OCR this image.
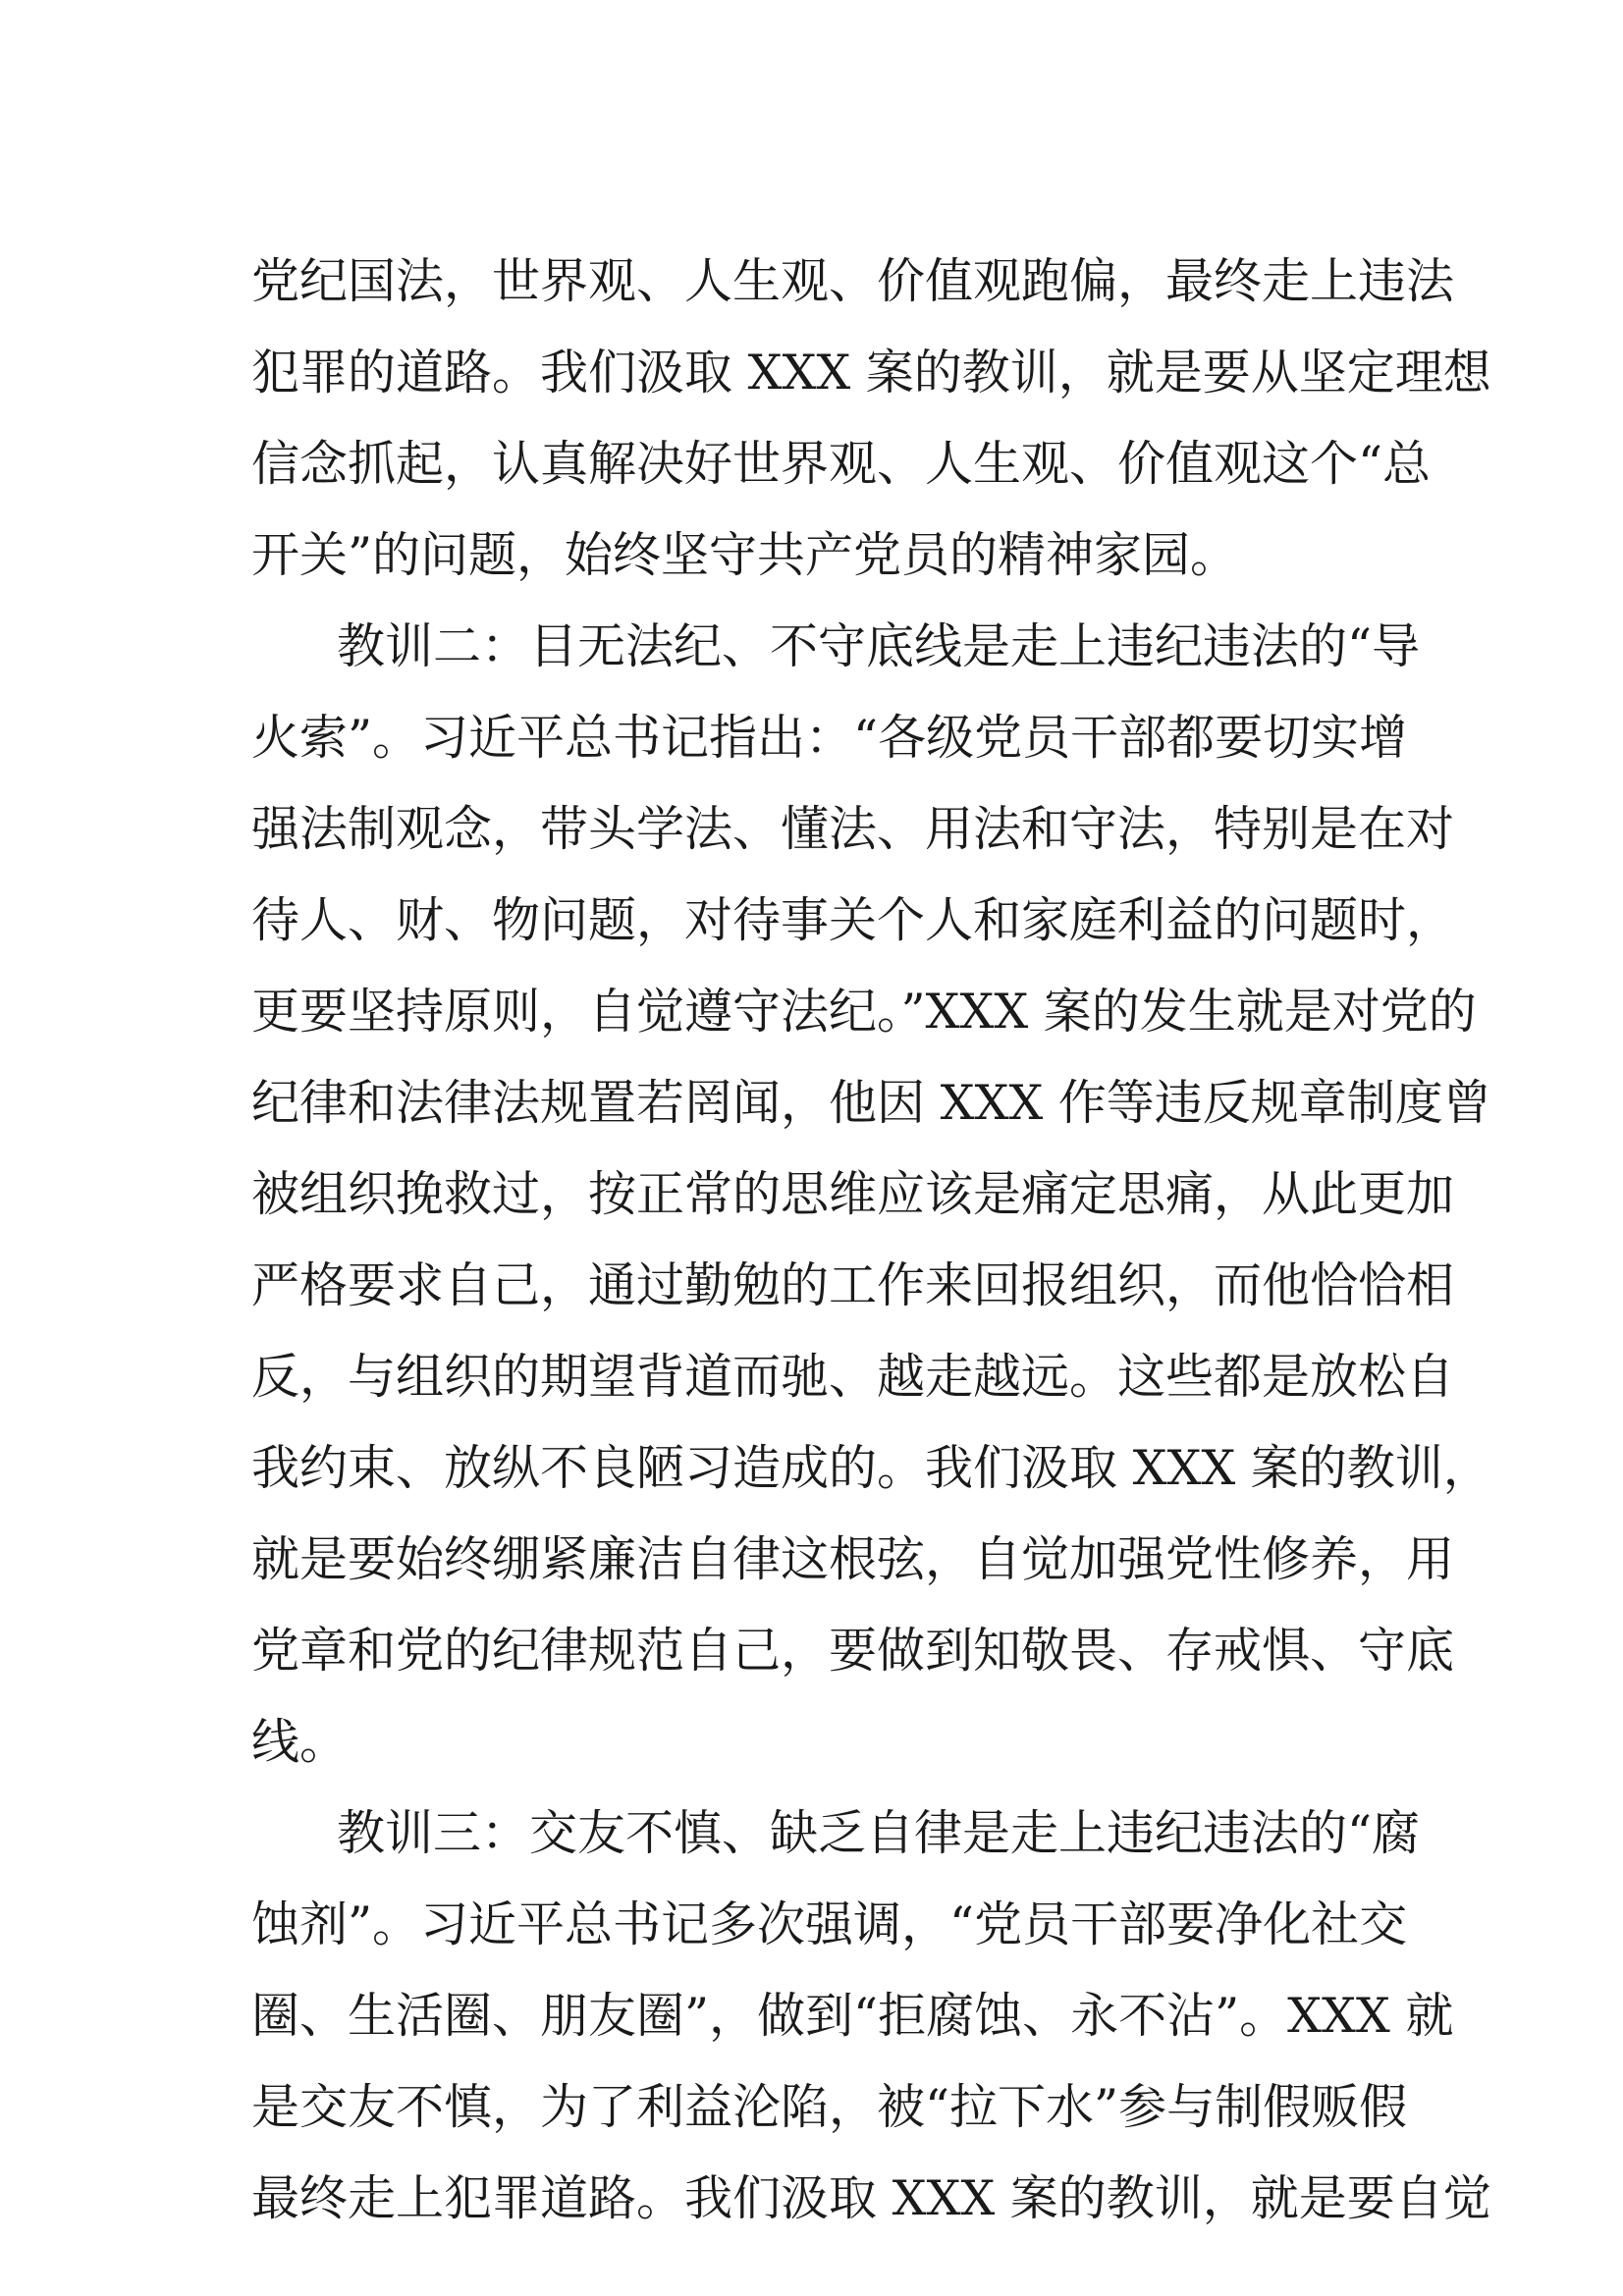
党纪国法，世界观、人生观、价值观跑偏，最终走上违法
犯罪的道路。我们汲取 XXX 案的教训，就是要从坚定理想
信念抓起，认真解决好世界观、人生观、价值观这个“总
开关”的问题，始终坚守共产党员的精神家园。
教训二：目无法纪、不守底线是走上违纪违法的“导
火索”。习近平总书记指出：“各级党员干部都要切实增
强法制观念，带头学法、懂法、用法和守法，特别是在对
待人、财、物问题，对待事关个人和家庭利益的问题时，
更要坚持原则，自觉遵守法纪。”XXX 案的发生就是对党的
纪律和法律法规置若罔闻，他因 XXX 作等违反规章制度曾
被组织挽救过，按正常的思维应该是痛定思痛，从此更加
严格要求自己，通过勤勉的工作来回报组织，而他恰恰相
反，与组织的期望背道而驰、越走越远。这些都是放松自
我约束、放纵不良陋习造成的。我们汲取 XXX 案的教训，
就是要始终绷紧廉洁自律这根弦，自觉加强党性修养，用
党章和党的纪律规范自己，要做到知敬畏、存戒惧、守底
线。
教训三：交友不慎、缺乏自律是走上违纪违法的“腐
蚀剂”。习近平总书记多次强调，“党员干部要净化社交
圈、生活圈、朋友圈”，做到“拒腐蚀、永不沾”。XXX 就
是交友不慎，为了利益沦陷，被“拉下水”参与制假贩假
最终走上犯罪道路。我们汲取 XXX 案的教训，就是要自觉
